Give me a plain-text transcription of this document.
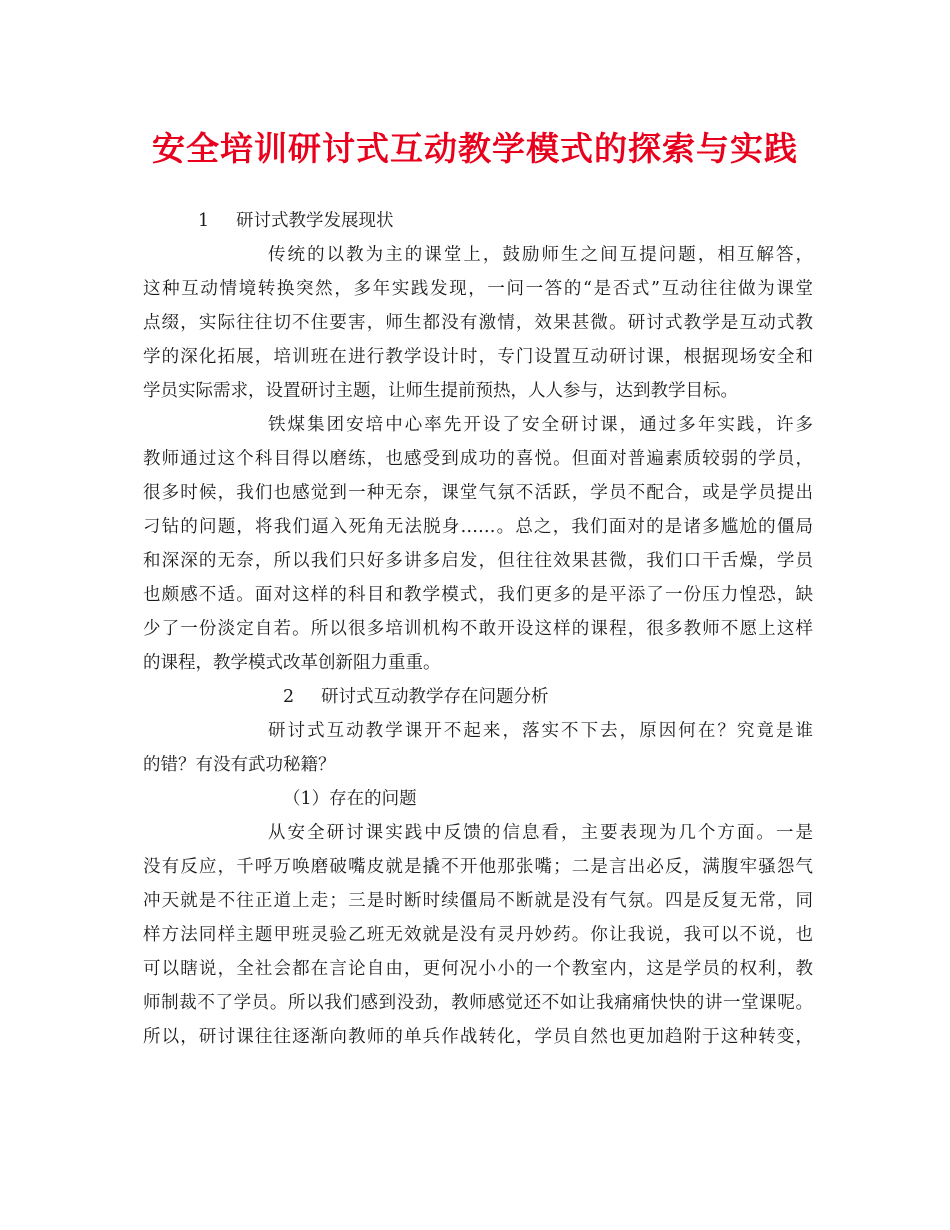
安全培训研讨式互动教学模式的探索与实践

1 研讨式教学发展现状

传统的以教为主的课堂上，鼓励师生之间互提问题，相互解答，

这种互动情境转换突然，多年实践发现，一问一答的“是否式”互动往往做为课堂

点缀，实际往往切不住要害，师生都没有激情，效果甚微。研讨式教学是互动式教

学的深化拓展，培训班在进行教学设计时，专门设置互动研讨课，根据现场安全和

学员实际需求，设置研讨主题，让师生提前预热，人人参与，达到教学目标。

铁煤集团安培中心率先开设了安全研讨课，通过多年实践，许多

教师通过这个科目得以磨练，也感受到成功的喜悦。但面对普遍素质较弱的学员，

很多时候，我们也感觉到一种无奈，课堂气氛不活跃，学员不配合，或是学员提出

刁钻的问题，将我们逼入死角无法脱身……。总之，我们面对的是诸多尴尬的僵局

和深深的无奈，所以我们只好多讲多启发，但往往效果甚微，我们口干舌燥，学员

也颇感不适。面对这样的科目和教学模式，我们更多的是平添了一份压力惶恐，缺

少了一份淡定自若。所以很多培训机构不敢开设这样的课程，很多教师不愿上这样

的课程，教学模式改革创新阻力重重。

2 研讨式互动教学存在问题分析

研讨式互动教学课开不起来，落实不下去，原因何在？究竟是谁

的错？有没有武功秘籍？

（1）存在的问题

从安全研讨课实践中反馈的信息看，主要表现为几个方面。一是

没有反应，千呼万唤磨破嘴皮就是撬不开他那张嘴；二是言出必反，满腹牢骚怨气

冲天就是不往正道上走；三是时断时续僵局不断就是没有气氛。四是反复无常，同

样方法同样主题甲班灵验乙班无效就是没有灵丹妙药。你让我说，我可以不说，也

可以瞎说，全社会都在言论自由，更何况小小的一个教室内，这是学员的权利，教

师制裁不了学员。所以我们感到没劲，教师感觉还不如让我痛痛快快的讲一堂课呢。

所以，研讨课往往逐渐向教师的单兵作战转化，学员自然也更加趋附于这种转变，
